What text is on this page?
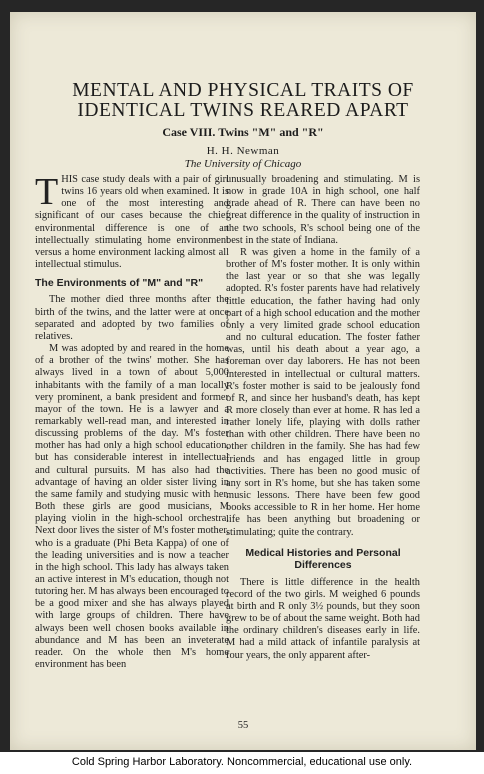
MENTAL AND PHYSICAL TRAITS OF
IDENTICAL TWINS REARED APART
Case VIII. Twins "M" and "R"
H. H. Newman
The University of Chicago

THIS case study deals with a pair of girl twins 16 years old when examined. It is one of the most interesting and significant of our cases because the chief environmental difference is one of an intellectually stimulating home environment versus a home environment lacking almost all intellectual stimulus.

The Environments of "M" and "R"

The mother died three months after the birth of the twins, and the latter were at once separated and adopted by two families of relatives.

M was adopted by and reared in the home of a brother of the twins' mother. She has always lived in a town of about 5,000 inhabitants with the family of a man locally very prominent, a bank president and former mayor of the town. He is a lawyer and a remarkably well-read man, and interested in discussing problems of the day. M's foster mother has had only a high school education, but has considerable interest in intellectual and cultural pursuits. M has also had the advantage of having an older sister living in the same family and studying music with her. Both these girls are good musicians, M playing violin in the high-school orchestra. Next door lives the sister of M's foster mother, who is a graduate (Phi Beta Kappa) of one of the leading universities and is now a teacher in the high school. This lady has always taken an active interest in M's education, though not tutoring her. M has always been encouraged to be a good mixer and she has always played with large groups of children. There have always been well chosen books available in abundance and M has been an inveterate reader. On the whole then M's home environment has been

unusually broadening and stimulating. M is now in grade 10A in high school, one half grade ahead of R. There can have been no great difference in the quality of instruction in the two schools, R's school being one of the best in the state of Indiana.

R was given a home in the family of a brother of M's foster mother. It is only within the last year or so that she was legally adopted. R's foster parents have had relatively little education, the father having had only part of a high school education and the mother only a very limited grade school education and no cultural education. The foster father was, until his death about a year ago, a foreman over day laborers. He has not been interested in intellectual or cultural matters. R's foster mother is said to be jealously fond of R, and since her husband's death, has kept R more closely than ever at home. R has led a rather lonely life, playing with dolls rather than with other children. There have been no other children in the family. She has had few friends and has engaged little in group activities. There has been no good music of any sort in R's home, but she has taken some music lessons. There have been few good books accessible to R in her home. Her home life has been anything but broadening or stimulating; quite the contrary.

Medical Histories and Personal Differences

There is little difference in the health record of the two girls. M weighed 6 pounds at birth and R only 3½ pounds, but they soon grew to be of about the same weight. Both had the ordinary children's diseases early in life. M had a mild attack of infantile paralysis at four years, the only apparent after-

55
Cold Spring Harbor Laboratory. Noncommercial, educational use only.
